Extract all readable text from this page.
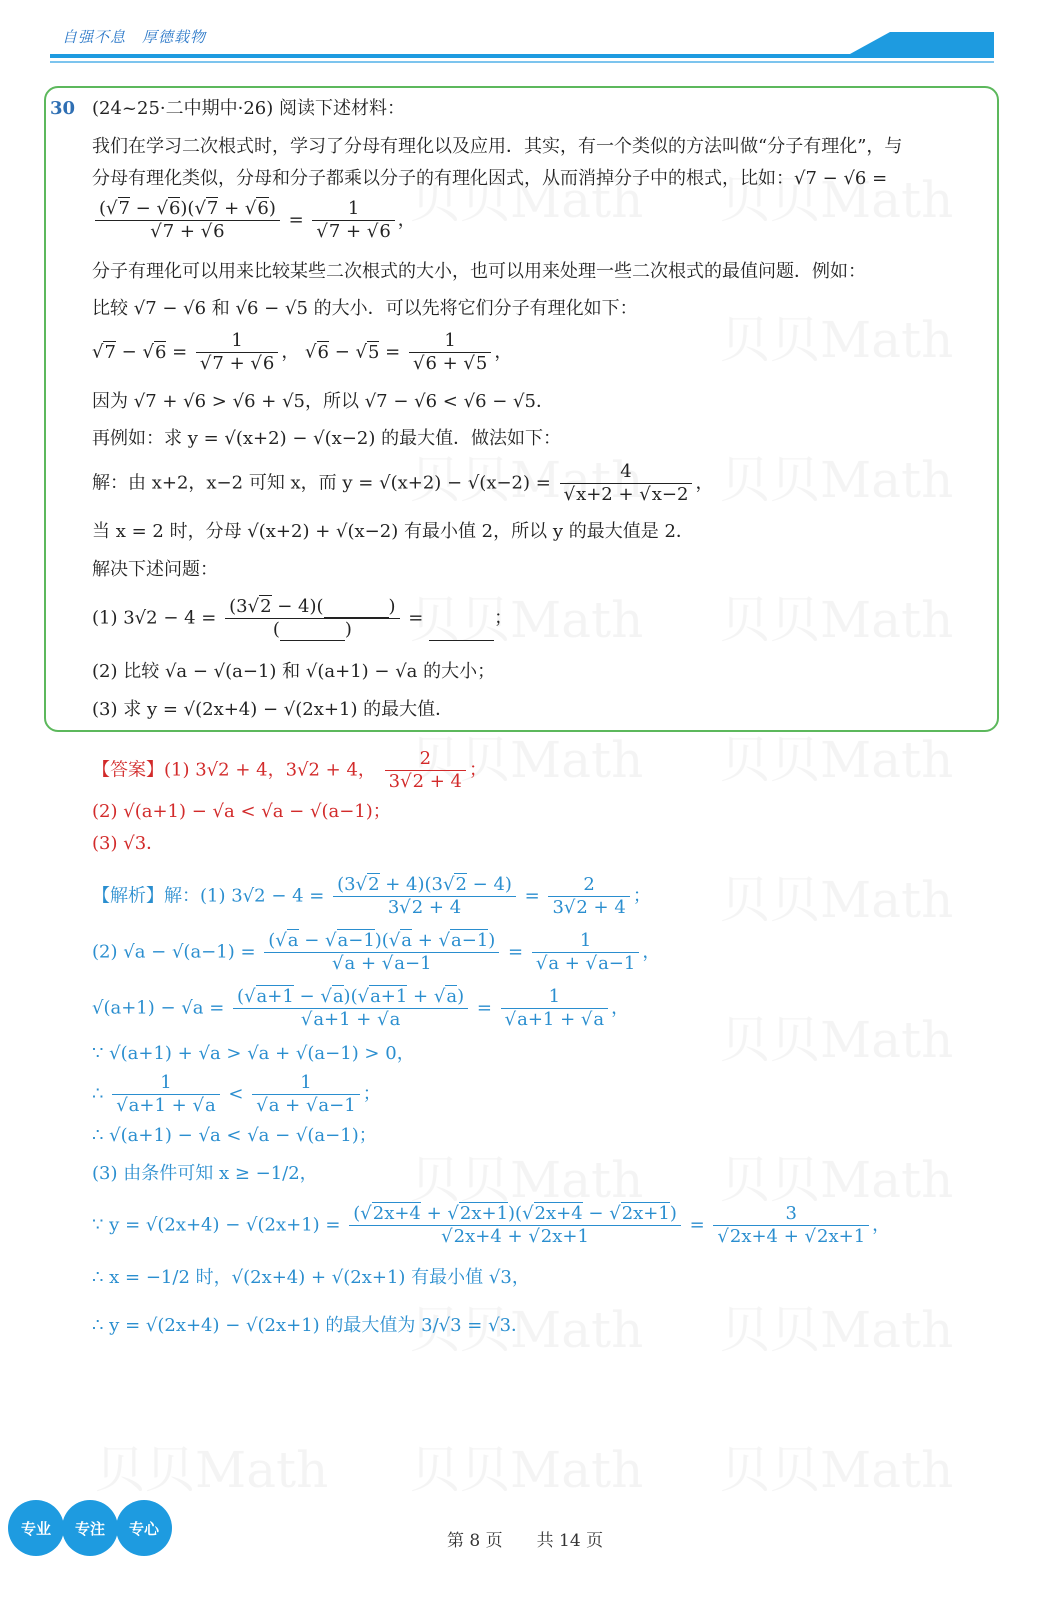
自强不息　厚德载物
30 (24~25·二中期中·26) 阅读下述材料：
我们在学习二次根式时，学习了分母有理化以及应用．其实，有一个类似的方法叫做“分子有理化”，与
分母有理化类似，分母和分子都乘以分子的有理化因式，从而消掉分子中的根式，比如：√7 − √6 =
$\frac{(√7 - √6)(√7 + √6)}{√7 + √6} = \frac{1}{√7 + √6}$ ，
分子有理化可以用来比较某些二次根式的大小，也可以用来处理一些二次根式的最值问题．例如：
比较 √7 − √6 和 √6 − √5 的大小．可以先将它们分子有理化如下：
$√7 - √6 = \frac{1}{√7 + √6}$ ， $√6 - √5 = \frac{1}{√6 + √5}$ ，
因为 √7 + √6 > √6 + √5，所以 √7 − √6 < √6 − √5．
再例如：求 y = √(x+2) − √(x−2) 的最大值．做法如下：
解：由 x+2，x−2 可知 x，而 $y = √(x+2) - √(x-2) = \frac{4}{√x+2 + √x-2}$ ，
当 x = 2 时，分母 √(x+2) + √(x−2) 有最小值 2，所以 y 的最大值是 2．
解决下述问题：
(1) 3√2 − 4 = (3√2 − 4)(	)
(	) =	；
(2) 比较 √a − √(a−1) 和 √(a+1) − √a 的大小；
(3) 求 y = √(2x+4) − √(2x+1) 的最大值．
【答案】(1) 3√2 + 4，3√2 + 4， $\frac{2}{3√2 + 4}$ ；
(2) √(a+1) − √a < √a − √(a−1)；
(3) √3．
【解析】解：(1) $3√2 - 4 = \frac{(3√2 + 4)(3√2 - 4)}{3√2 + 4} = \frac{2}{3√2 + 4}$ ；
(2) $√a - √(a-1) = \frac{(√a - √a-1)(√a + √a-1)}{√a + √a-1} = \frac{1}{√a + √a-1}$ ，
$√(a+1) - √a = \frac{(√a+1 - √a)(√a+1 + √a)}{√a+1 + √a} = \frac{1}{√a+1 + √a}$ ，
∵ √(a+1) + √a > √a + √(a−1) > 0，
∴ $\frac{1}{√a+1 + √a} < \frac{1}{√a + √a-1}$ ；
∴ √(a+1) − √a < √a − √(a−1)；
(3) 由条件可知 x ≥ −1/2，
∵ $y = √(2x+4) - √(2x+1) = \frac{(√2x+4 + √2x+1)(√2x+4 - √2x+1)}{√2x+4 + √2x+1} = \frac{3}{√2x+4 + √2x+1}$ ，
∴ x = −1/2 时，√(2x+4) + √(2x+1) 有最小值 √3，
∴ y = √(2x+4) − √(2x+1) 的最大值为 3/√3 = √3．
专业	专注	专心
第 8 页　　共 14 页
